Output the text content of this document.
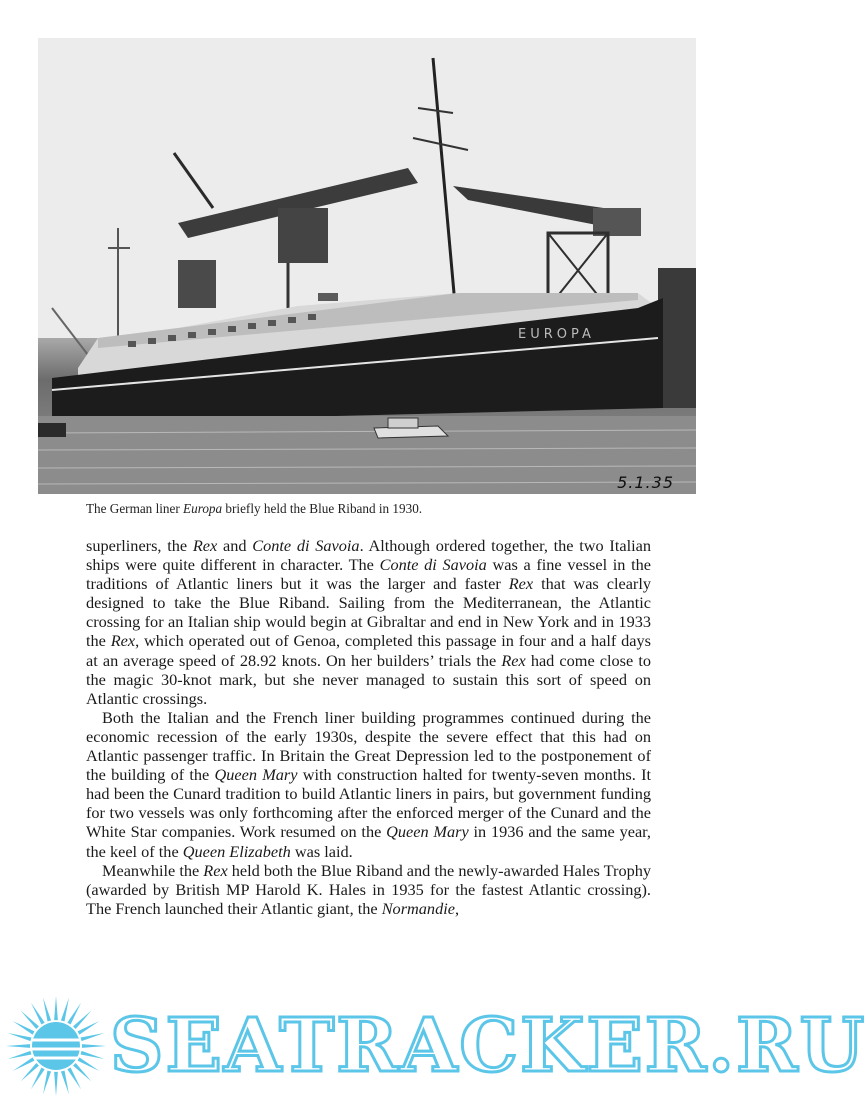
EUROPA
5.1.35
The German liner Europa briefly held the Blue Riband in 1930.

superliners, the Rex and Conte di Savoia. Although ordered together, the two Italian ships were quite different in character. The Conte di Savoia was a fine vessel in the traditions of Atlantic liners but it was the larger and faster Rex that was clearly designed to take the Blue Riband. Sailing from the Mediterranean, the Atlantic crossing for an Italian ship would begin at Gibraltar and end in New York and in 1933 the Rex, which operated out of Genoa, completed this passage in four and a half days at an average speed of 28.92 knots. On her builders’ trials the Rex had come close to the magic 30-knot mark, but she never managed to sustain this sort of speed on Atlantic crossings.

Both the Italian and the French liner building programmes continued during the economic recession of the early 1930s, despite the severe effect that this had on Atlantic passenger traffic. In Britain the Great Depression led to the postponement of the building of the Queen Mary with construction halted for twenty-seven months. It had been the Cunard tradition to build Atlantic liners in pairs, but government funding for two vessels was only forthcoming after the enforced merger of the Cunard and the White Star companies. Work resumed on the Queen Mary in 1936 and the same year, the keel of the Queen Elizabeth was laid.

Meanwhile the Rex held both the Blue Riband and the newly-awarded Hales Trophy (awarded by British MP Harold K. Hales in 1935 for the fastest Atlantic crossing). The French launched their Atlantic giant, the Normandie,

SEATRACKER.RU
